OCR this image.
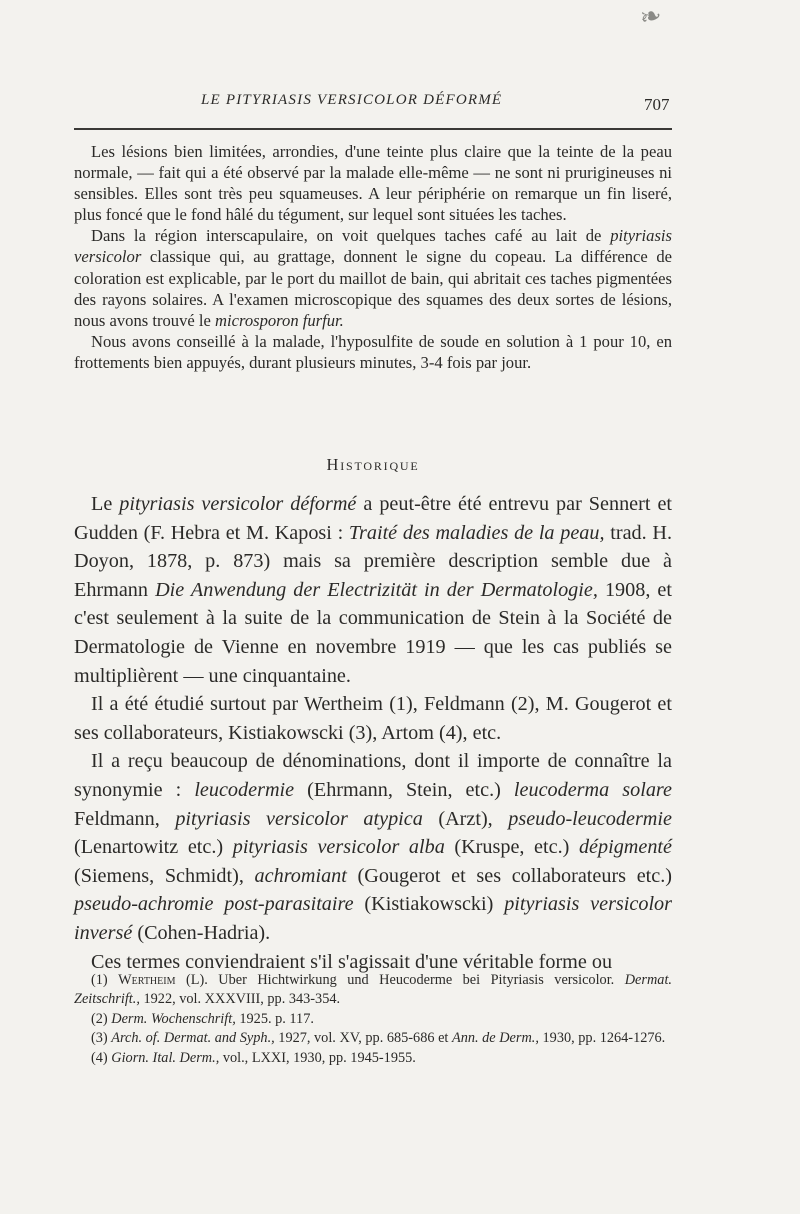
❧
LE PITYRIASIS VERSICOLOR DÉFORMÉ	707

Les lésions bien limitées, arrondies, d'une teinte plus claire que la teinte de la peau normale, — fait qui a été observé par la malade elle-même — ne sont ni prurigineuses ni sensibles. Elles sont très peu squameuses. A leur périphérie on remarque un fin liseré, plus foncé que le fond hâlé du tégument, sur lequel sont situées les taches.

Dans la région interscapulaire, on voit quelques taches café au lait de pityriasis versicolor classique qui, au grattage, donnent le signe du copeau. La différence de coloration est explicable, par le port du maillot de bain, qui abritait ces taches pigmentées des rayons solaires. A l'examen microscopique des squames des deux sortes de lésions, nous avons trouvé le microsporon furfur.

Nous avons conseillé à la malade, l'hyposulfite de soude en solution à 1 pour 10, en frottements bien appuyés, durant plusieurs minutes, 3-4 fois par jour.

Historique

Le pityriasis versicolor déformé a peut-être été entrevu par Sennert et Gudden (F. Hebra et M. Kaposi : Traité des maladies de la peau, trad. H. Doyon, 1878, p. 873) mais sa première description semble due à Ehrmann Die Anwendung der Electrizität in der Dermatologie, 1908, et c'est seulement à la suite de la communication de Stein à la Société de Dermatologie de Vienne en novembre 1919 — que les cas publiés se multiplièrent — une cinquantaine.

Il a été étudié surtout par Wertheim (1), Feldmann (2), M. Gougerot et ses collaborateurs, Kistiakowscki (3), Artom (4), etc.

Il a reçu beaucoup de dénominations, dont il importe de connaître la synonymie : leucodermie (Ehrmann, Stein, etc.) leucoderma solare Feldmann, pityriasis versicolor atypica (Arzt), pseudo-leucodermie (Lenartowitz etc.) pityriasis versicolor alba (Kruspe, etc.) dépigmenté (Siemens, Schmidt), achromiant (Gougerot et ses collaborateurs etc.) pseudo-achromie post-parasitaire (Kistiakowscki) pityriasis versicolor inversé (Cohen-Hadria).

Ces termes conviendraient s'il s'agissait d'une véritable forme ou

(1) Wertheim (L). Uber Hichtwirkung und Heucoderme bei Pityriasis versicolor. Dermat. Zeitschrift., 1922, vol. XXXVIII, pp. 343-354.

(2) Derm. Wochenschrift, 1925. p. 117.

(3) Arch. of. Dermat. and Syph., 1927, vol. XV, pp. 685-686 et Ann. de Derm., 1930, pp. 1264-1276.

(4) Giorn. Ital. Derm., vol., LXXI, 1930, pp. 1945-1955.
